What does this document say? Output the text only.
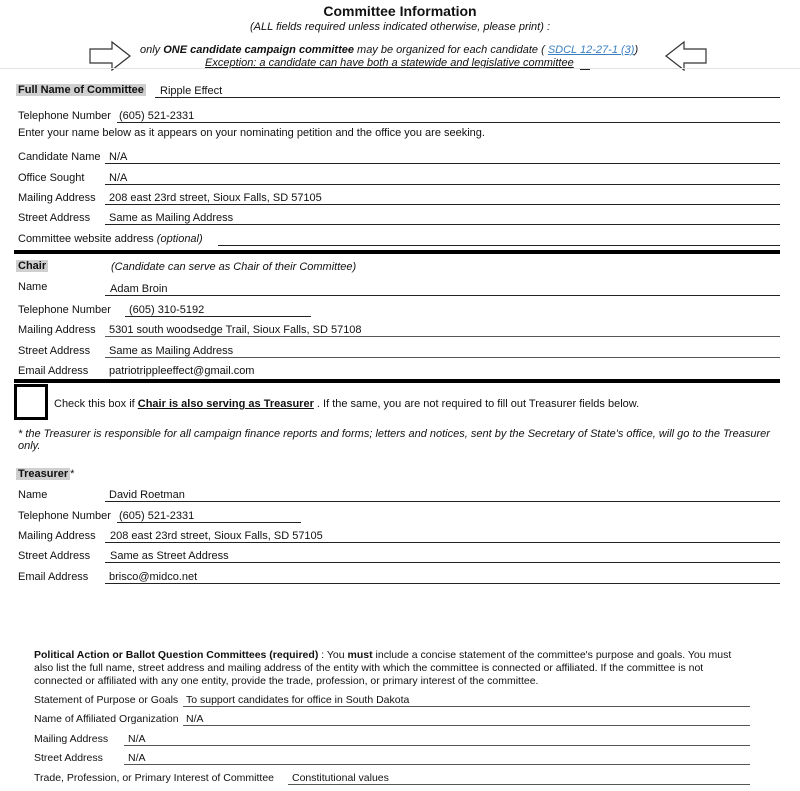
Committee Information
(ALL fields required unless indicated otherwise, please print) :
only ONE candidate campaign committee may be organized for each candidate ( SDCL 12-27-1 (3))
Exception: a candidate can have both a statewide and legislative committee
Full Name of Committee Ripple Effect
Telephone Number (605) 521-2331
Enter your name below as it appears on your nominating petition and the office you are seeking.
Candidate Name N/A
Office Sought N/A
Mailing Address 208 east 23rd street, Sioux Falls, SD 57105
Street Address Same as Mailing Address
Committee website address (optional)
Chair	(Candidate can serve as Chair of their Committee)
Name	Adam Broin
Telephone Number (605) 310-5192
Mailing Address 5301 south woodsedge Trail, Sioux Falls, SD 57108
Street Address Same as Mailing Address
Email Address patriotrippleeffect@gmail.com
Check this box if Chair is also serving as Treasurer . If the same, you are not required to fill out Treasurer fields below.
* the Treasurer is responsible for all campaign finance reports and forms; letters and notices, sent by the Secretary of State's office, will go to the Treasurer only.
Treasurer *
Name	David Roetman
Telephone Number (605) 521-2331
Mailing Address 208 east 23rd street, Sioux Falls, SD 57105
Street Address Same as Street Address
Email Address brisco@midco.net
Political Action or Ballot Question Committees (required) : You must include a concise statement of the committee's purpose and goals. You must also list the full name, street address and mailing address of the entity with which the committee is connected or affiliated. If the committee is not connected or affiliated with any one entity, provide the trade, profession, or primary interest of the committee.
Statement of Purpose or Goals To support candidates for office in South Dakota
Name of Affiliated Organization N/A
Mailing Address N/A
Street Address N/A
Trade, Profession, or Primary Interest of Committee Constitutional values
